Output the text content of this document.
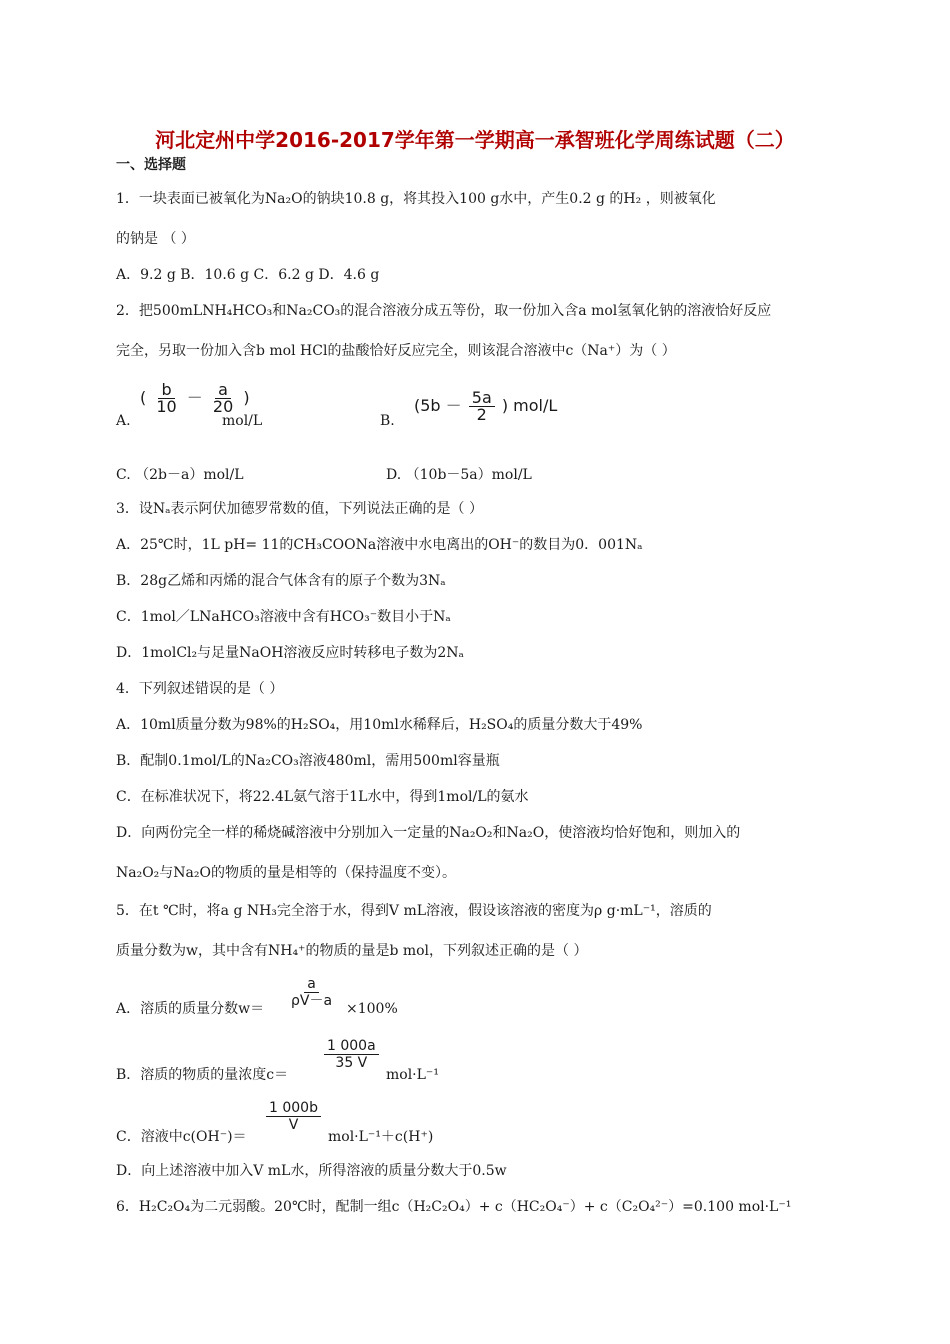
河北定州中学2016-2017学年第一学期高一承智班化学周练试题（二）
一、选择题
1．一块表面已被氧化为Na₂O的钠块10.8 g，将其投入100 g水中，产生0.2 g 的H₂ ，则被氧化
的钠是 （ ）
A．9.2 g B．10.6 g C．6.2 g D．4.6 g
2．把500mLNH₄HCO₃和Na₂CO₃的混合溶液分成五等份，取一份加入含a mol氢氧化钠的溶液恰好反应
完全，另取一份加入含b mol HCl的盐酸恰好反应完全，则该混合溶液中c（Na⁺）为（ ）
A.
( $\frac{b}{10} - \frac{a}{20}$ )
mol/L	B.
($5b - \frac{5a}{2}$ ) mol/L
C. （2b－a）mol/L	D. （10b－5a）mol/L
3．设Nₐ表示阿伏加德罗常数的值，下列说法正确的是（ ）
A．25℃时，1L pH= 11的CH₃COONa溶液中水电离出的OH⁻的数目为0．001Nₐ
B．28g乙烯和丙烯的混合气体含有的原子个数为3Nₐ
C．1mol／LNaHCO₃溶液中含有HCO₃⁻数目小于Nₐ
D．1molCl₂与足量NaOH溶液反应时转移电子数为2Nₐ
4．下列叙述错误的是（ ）
A．10ml质量分数为98%的H₂SO₄，用10ml水稀释后，H₂SO₄的质量分数大于49%
B．配制0.1mol/L的Na₂CO₃溶液480ml，需用500ml容量瓶
C．在标准状况下，将22.4L氨气溶于1L水中，得到1mol/L的氨水
D．向两份完全一样的稀烧碱溶液中分别加入一定量的Na₂O₂和Na₂O，使溶液均恰好饱和，则加入的
Na₂O₂与Na₂O的物质的量是相等的（保持温度不变）。
5．在t ℃时，将a g NH₃完全溶于水，得到V mL溶液，假设该溶液的密度为ρ g·mL⁻¹，溶质的
质量分数为w，其中含有NH₄⁺的物质的量是b mol，下列叙述正确的是（ ）
A．溶质的质量分数$w= \frac{a}{\rho V-a} \times 100\%$
B．溶质的物质的量浓度c＝
$\frac{1 000a}{35 V}$
mol·L⁻¹
C．溶液中c(OH⁻)＝
$\frac{1 000b}{V}$
mol·L⁻¹＋c(H⁺)
D．向上述溶液中加入V mL水，所得溶液的质量分数大于0.5w
6．H₂C₂O₄为二元弱酸。20℃时，配制一组c（H₂C₂O₄）+ c（HC₂O₄⁻）+ c（C₂O₄²⁻）=0.100 mol·L⁻¹
